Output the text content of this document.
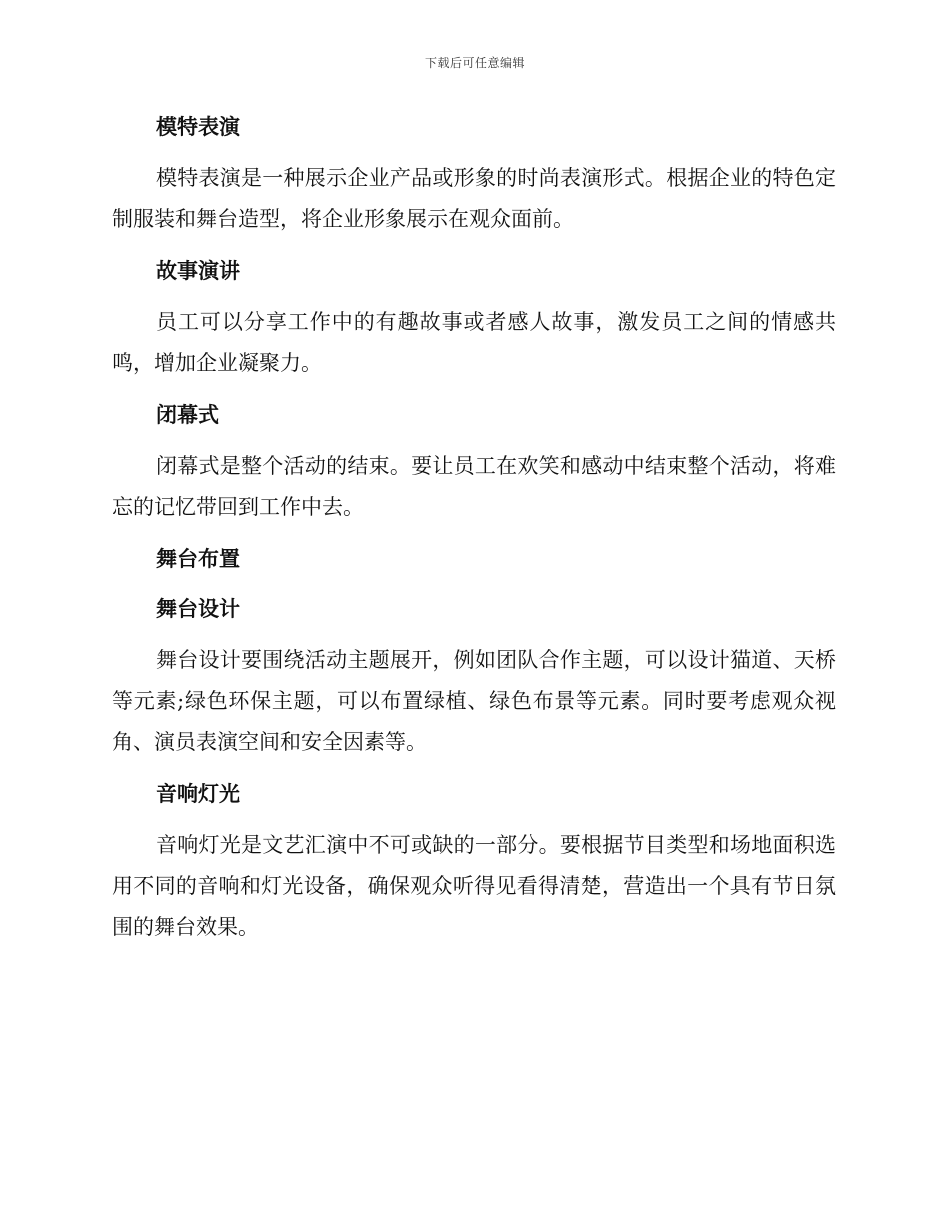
下载后可任意编辑
模特表演
模特表演是一种展示企业产品或形象的时尚表演形式。根据企业的特色定制服装和舞台造型，将企业形象展示在观众面前。
故事演讲
员工可以分享工作中的有趣故事或者感人故事，激发员工之间的情感共鸣，增加企业凝聚力。
闭幕式
闭幕式是整个活动的结束。要让员工在欢笑和感动中结束整个活动，将难忘的记忆带回到工作中去。
舞台布置
舞台设计
舞台设计要围绕活动主题展开，例如团队合作主题，可以设计猫道、天桥等元素;绿色环保主题，可以布置绿植、绿色布景等元素。同时要考虑观众视角、演员表演空间和安全因素等。
音响灯光
音响灯光是文艺汇演中不可或缺的一部分。要根据节目类型和场地面积选用不同的音响和灯光设备，确保观众听得见看得清楚，营造出一个具有节日氛围的舞台效果。
